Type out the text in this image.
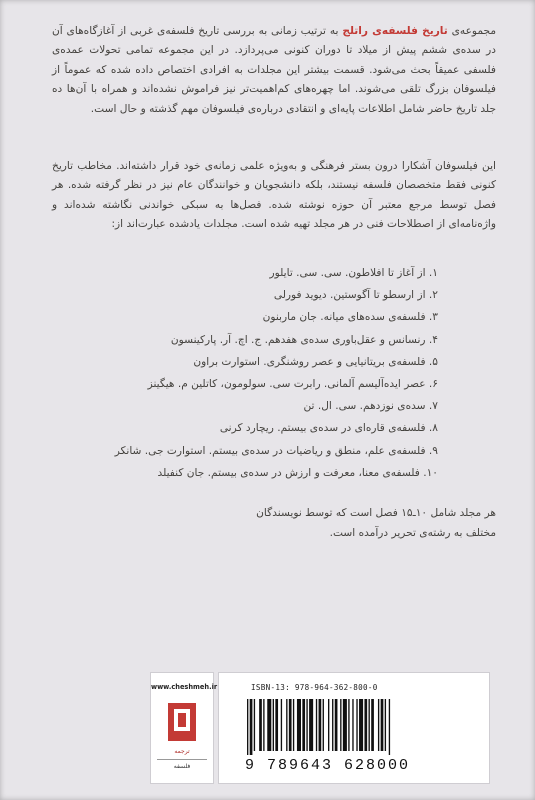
مجموعه‌ی تاریخ فلسفه‌ی راتلج به ترتیب زمانی به بررسی تاریخ فلسفه‌ی غربی از آغازگاه‌های آن در سده‌ی ششم پیش از میلاد تا دوران کنونی می‌پردازد. در این مجموعه تمامی تحولات عمده‌ی فلسفی عمیقاً بحث می‌شود. قسمت بیشتر این مجلدات به افرادی اختصاص داده شده که عموماً از فیلسوفان بزرگ تلقی می‌شوند. اما چهره‌های کم‌اهمیت‌تر نیز فراموش نشده‌اند و همراه با آن‌ها ده جلد تاریخ حاضر شامل اطلاعات پایه‌ای و انتقادی درباره‌ی فیلسوفان مهم گذشته و حال است.
این فیلسوفان آشکارا درون بستر فرهنگی و به‌ویژه علمی زمانه‌ی خود قرار داشته‌اند. مخاطب تاریخ کنونی فقط متخصصان فلسفه نیستند، بلکه دانشجویان و خوانندگان عام نیز در نظر گرفته شده. هر فصل توسط مرجع معتبر آن حوزه نوشته شده. فصل‌ها به سبکی خواندنی نگاشته شده‌اند و واژه‌نامه‌ای از اصطلاحات فنی در هر مجلد تهیه شده است. مجلدات یادشده عبارت‌اند از:
۱. از آغاز تا افلاطون. سی. سی. تایلور
۲. از ارسطو تا آگوستین. دیوید فورلی
۳. فلسفه‌ی سده‌های میانه. جان ماربنون
۴. رنسانس و عقل‌باوری سده‌ی هفدهم. ج. اچ. آر. پارکینسون
۵. فلسفه‌ی بریتانیایی و عصر روشنگری. استوارت براون
۶. عصر ایده‌آلیسم آلمانی. رابرت سی. سولومون، کاتلین م. هیگینز
۷. سده‌ی نوزدهم. سی. ال. تن
۸. فلسفه‌ی قاره‌ای در سده‌ی بیستم. ریچارد کرنی
۹. فلسفه‌ی علم، منطق و ریاضیات در سده‌ی بیستم. استوارت جی. شانکر
۱۰. فلسفه‌ی معنا، معرفت و ارزش در سده‌ی بیستم. جان کنفیلد
هر مجلد شامل ۱۰ـ۱۵ فصل است که توسط نویسندگان مختلف به رشته‌ی تحریر درآمده است.
www.cheshmeh.ir
ترجمه
فلسفه
ISBN-13: 978-964-362-800-0
9 789643 628000
